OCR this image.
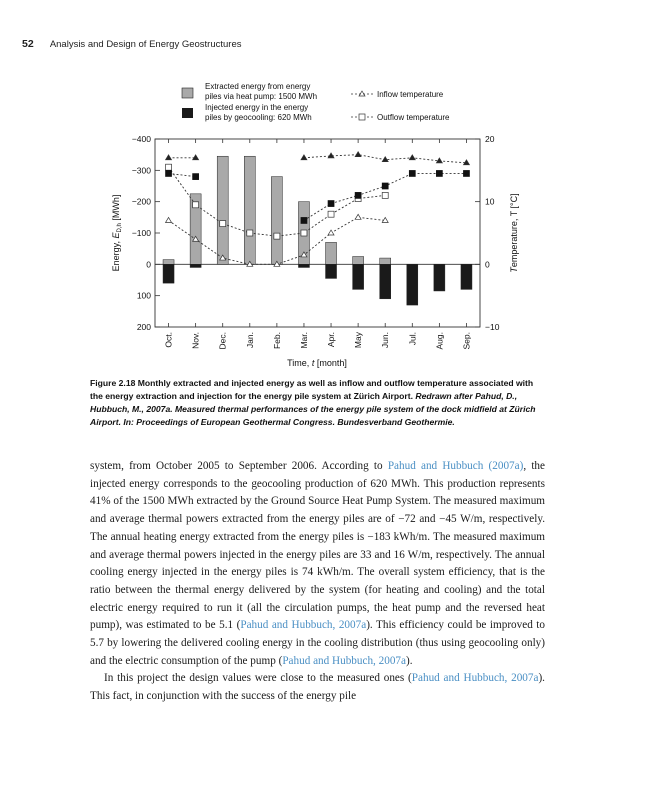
52 Analysis and Design of Energy Geostructures
Extracted energy from energy piles via heat pump: 1500 MWh
Injected energy in the energy piles by geocooling: 620 MWh
Inflow temperature
Outflow temperature
−400
−300
−200
−100
0
100
200
20
10
0
−10
Oct. Nov. Dec. Jan. Feb. Mar. Apr. May Jun. Jul. Aug. Sep.
Energy, $E_{D,h}$ [MWh]
Temperature, T [°C]
Time, t [month]
Figure 2.18 Monthly extracted and injected energy as well as inflow and outflow temperature associated with the energy extraction and injection for the energy pile system at Zürich Airport. Redrawn after Pahud, D., Hubbuch, M., 2007a. Measured thermal performances of the energy pile system of the dock midfield at Zürich Airport. In: Proceedings of European Geothermal Congress. Bundesverband Geothermie.

system, from October 2005 to September 2006. According to Pahud and Hubbuch (2007a), the injected energy corresponds to the geocooling production of 620 MWh. This production represents 41% of the 1500 MWh extracted by the Ground Source Heat Pump System. The measured maximum and average thermal powers extracted from the energy piles are of −72 and −45 W/m, respectively. The annual heating energy extracted from the energy piles is −183 kWh/m. The measured maximum and average thermal powers injected in the energy piles are 33 and 16 W/m, respectively. The annual cooling energy injected in the energy piles is 74 kWh/m. The overall system efficiency, that is the ratio between the thermal energy delivered by the system (for heating and cooling) and the total electric energy required to run it (all the circulation pumps, the heat pump and the reversed heat pump), was estimated to be 5.1 (Pahud and Hubbuch, 2007a). This efficiency could be improved to 5.7 by lowering the delivered cooling energy in the cooling distribution (thus using geocooling only) and the electric consumption of the pump (Pahud and Hubbuch, 2007a).

In this project the design values were close to the measured ones (Pahud and Hubbuch, 2007a). This fact, in conjunction with the success of the energy pile
